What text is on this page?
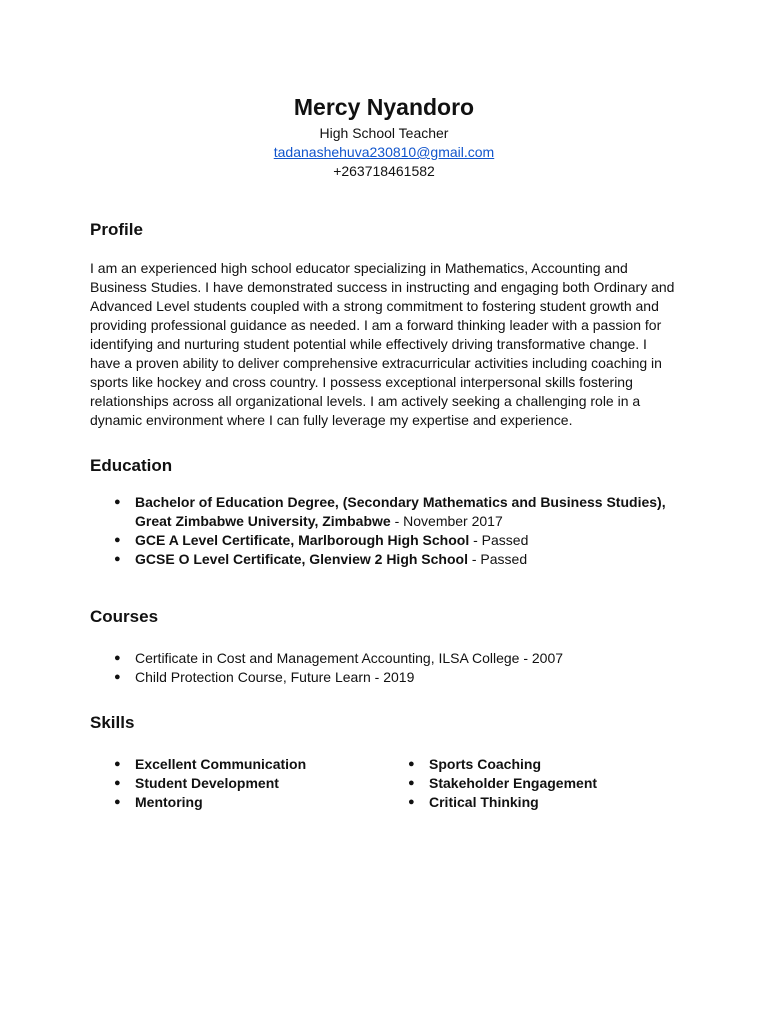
Mercy Nyandoro
High School Teacher
tadanashehuva230810@gmail.com
+263718461582
Profile

I am an experienced high school educator specializing in Mathematics, Accounting and Business Studies. I have demonstrated success in instructing and engaging both Ordinary and Advanced Level students coupled with a strong commitment to fostering student growth and providing professional guidance as needed. I am a forward thinking leader with a passion for identifying and nurturing student potential while effectively driving transformative change. I have a proven ability to deliver comprehensive extracurricular activities including coaching in sports like hockey and cross country. I possess exceptional interpersonal skills fostering relationships across all organizational levels. I am actively seeking a challenging role in a dynamic environment where I can fully leverage my expertise and experience.

Education
● Bachelor of Education Degree, (Secondary Mathematics and Business Studies), Great Zimbabwe University, Zimbabwe - November 2017
● GCE A Level Certificate, Marlborough High School - Passed
● GCSE O Level Certificate, Glenview 2 High School - Passed
Courses
● Certificate in Cost and Management Accounting, ILSA College - 2007
● Child Protection Course, Future Learn - 2019
Skills
● Excellent Communication
● Student Development
● Mentoring
● Sports Coaching
● Stakeholder Engagement
● Critical Thinking
